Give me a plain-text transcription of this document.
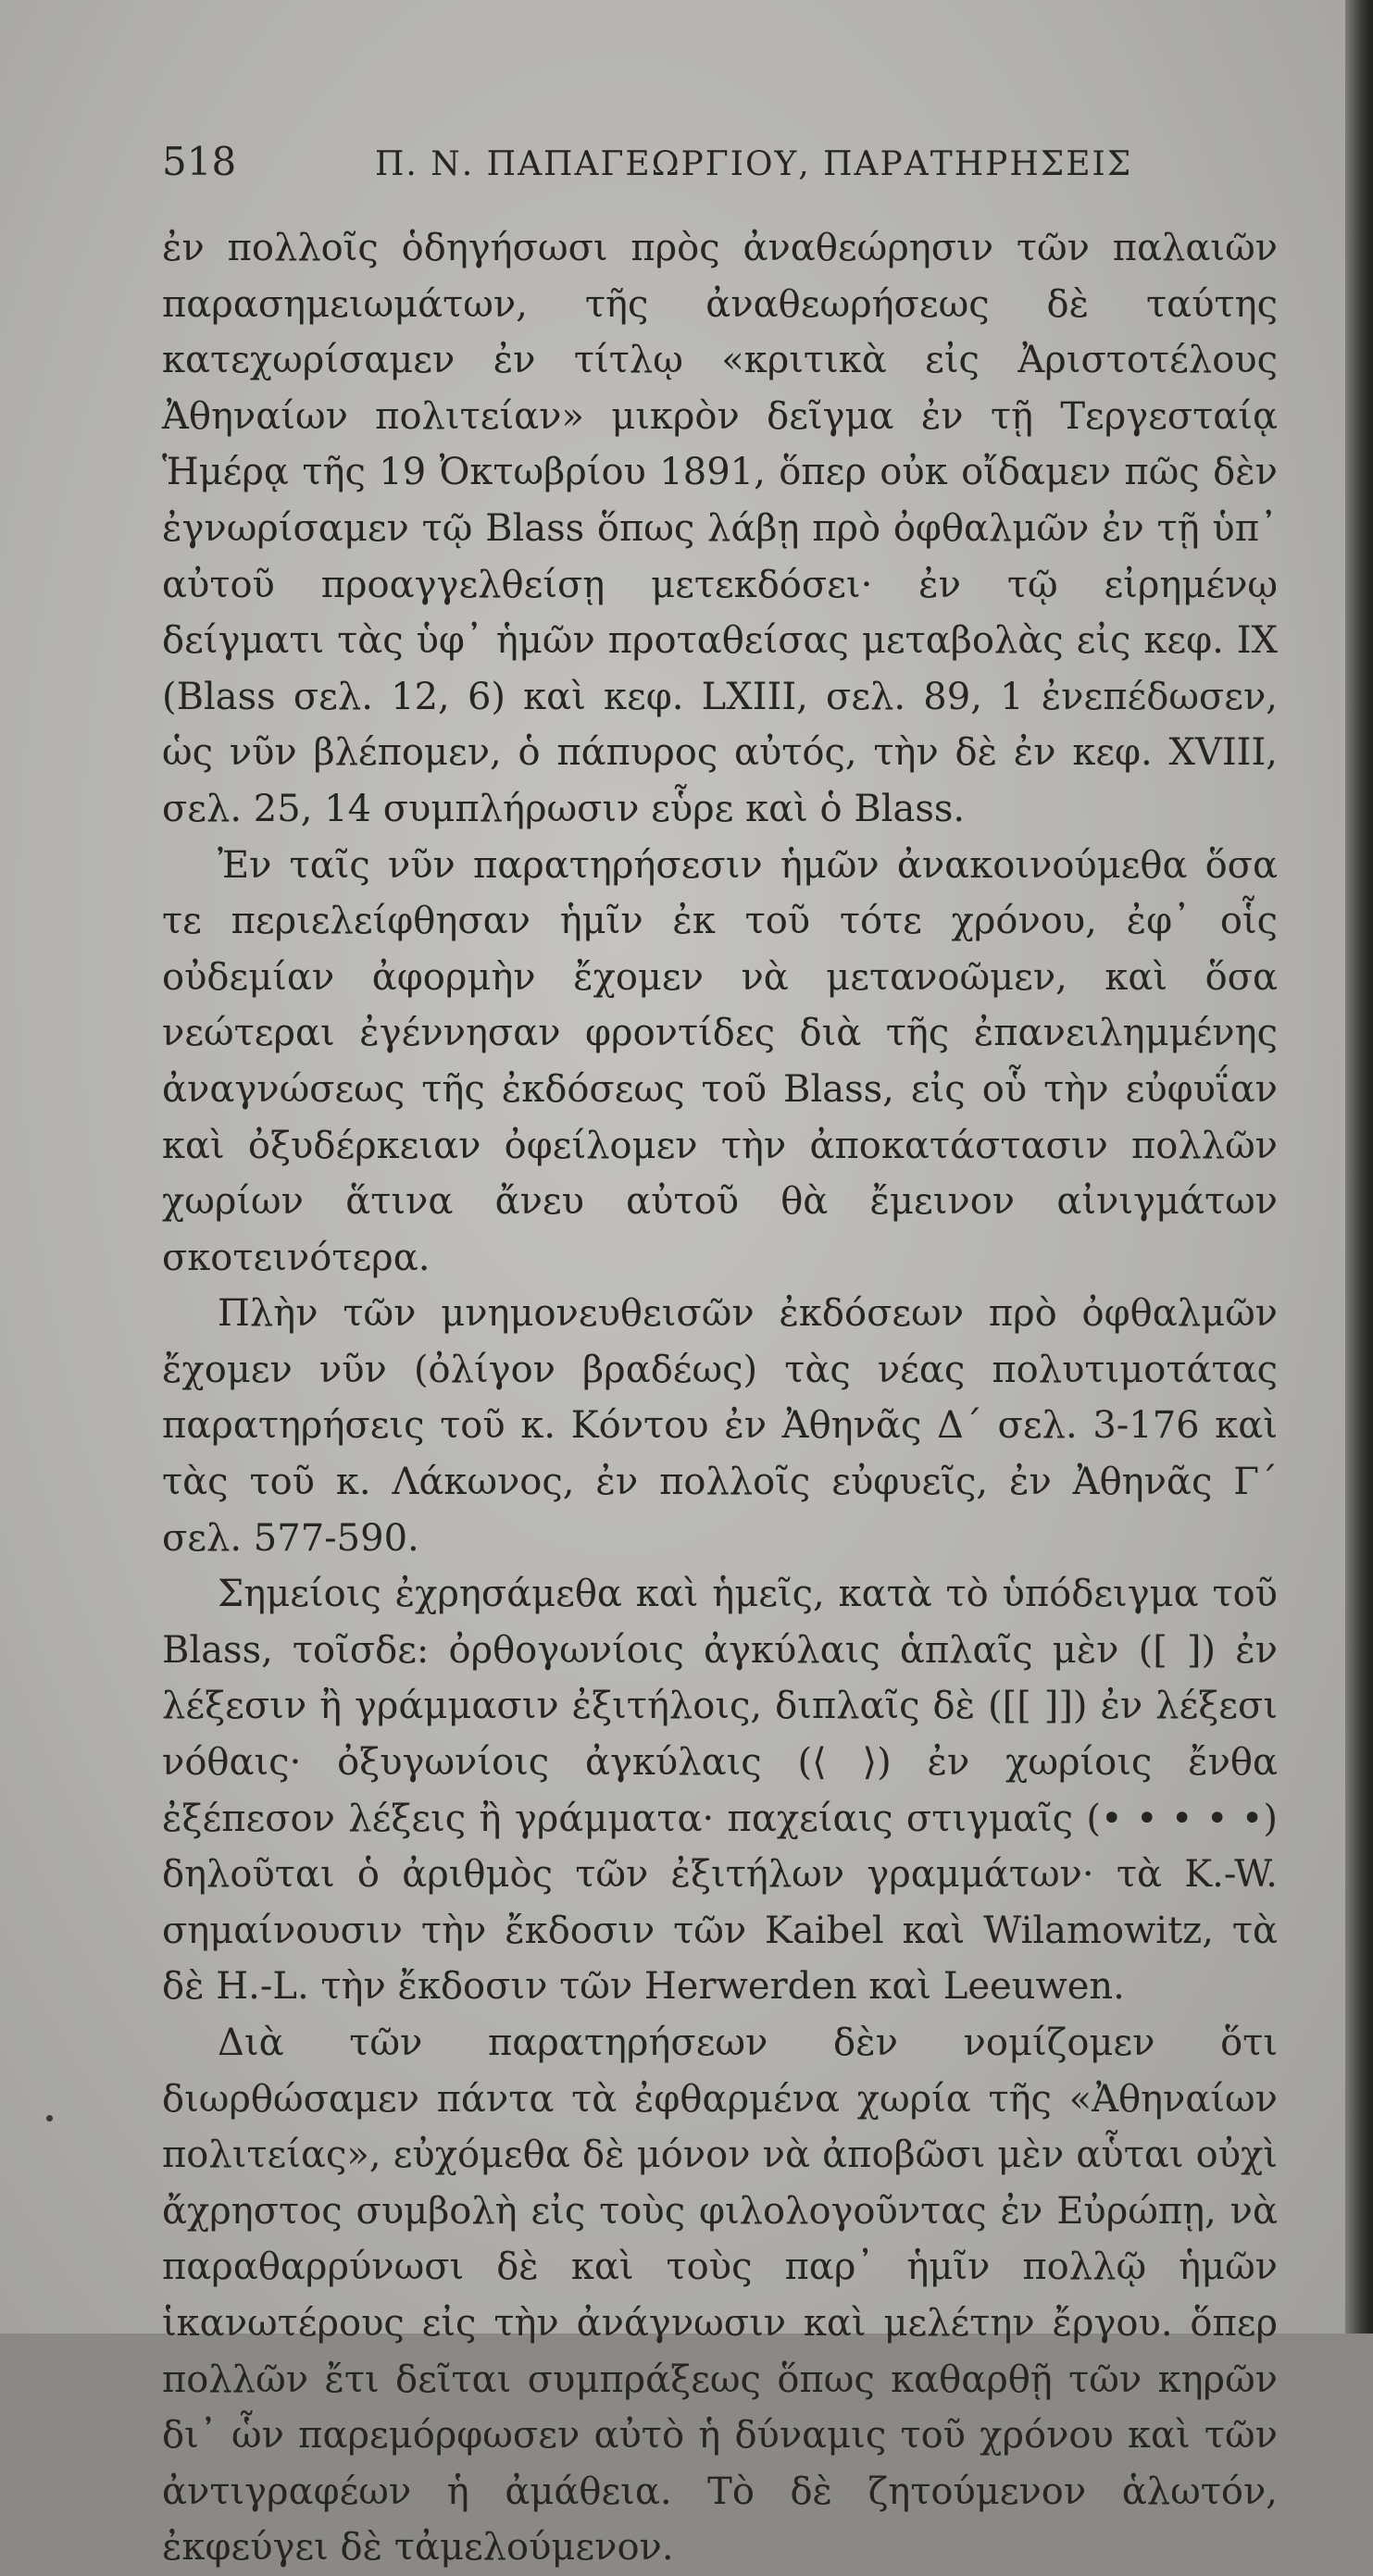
518	Π. Ν. ΠΑΠΑΓΕΩΡΓΙΟΥ, ΠΑΡΑΤΗΡΗΣΕΙΣ

ἐν πολλοῖς ὁδηγήσωσι πρὸς ἀναθεώρησιν τῶν παλαιῶν παρασημειωμάτων, τῆς ἀναθεωρήσεως δὲ ταύτης κατεχωρίσαμεν ἐν τίτλῳ «κριτικὰ εἰς Ἀριστοτέλους Ἀθηναίων πολιτείαν» μικρὸν δεῖγμα ἐν τῇ Τεργεσταίᾳ Ἡμέρᾳ τῆς 19 Ὀκτωβρίου 1891, ὅπερ οὐκ οἴδαμεν πῶς δὲν ἐγνωρίσαμεν τῷ Blass ὅπως λάβῃ πρὸ ὀφθαλμῶν ἐν τῇ ὑπ᾽ αὐτοῦ προαγγελθείσῃ μετεκδόσει· ἐν τῷ εἰρημένῳ δείγματι τὰς ὑφ᾽ ἡμῶν προταθείσας μεταβολὰς εἰς κεφ. IX (Blass σελ. 12, 6) καὶ κεφ. LXIII, σελ. 89, 1 ἐνεπέδωσεν, ὡς νῦν βλέπομεν, ὁ πάπυρος αὐτός, τὴν δὲ ἐν κεφ. XVIII, σελ. 25, 14 συμπλήρωσιν εὗρε καὶ ὁ Blass.

Ἐν ταῖς νῦν παρατηρήσεσιν ἡμῶν ἀνακοινούμεθα ὅσα τε περιελείφθησαν ἡμῖν ἐκ τοῦ τότε χρόνου, ἐφ᾽ οἷς οὐδεμίαν ἀφορμὴν ἔχομεν νὰ μετανοῶμεν, καὶ ὅσα νεώτεραι ἐγέννησαν φροντίδες διὰ τῆς ἐπανειλημμένης ἀναγνώσεως τῆς ἐκδόσεως τοῦ Blass, εἰς οὗ τὴν εὐφυΐαν καὶ ὀξυδέρκειαν ὀφείλομεν τὴν ἀποκατάστασιν πολλῶν χωρίων ἅτινα ἄνευ αὐτοῦ θὰ ἔμεινον αἰνιγμάτων σκοτεινότερα.

Πλὴν τῶν μνημονευθεισῶν ἐκδόσεων πρὸ ὀφθαλμῶν ἔχομεν νῦν (ὀλίγον βραδέως) τὰς νέας πολυτιμοτάτας παρατηρήσεις τοῦ κ. Κόντου ἐν Ἀθηνᾶς Δ΄ σελ. 3-176 καὶ τὰς τοῦ κ. Λάκωνος, ἐν πολλοῖς εὐφυεῖς, ἐν Ἀθηνᾶς Γ΄ σελ. 577-590.

Σημείοις ἐχρησάμεθα καὶ ἡμεῖς, κατὰ τὸ ὑπόδειγμα τοῦ Blass, τοῖσδε: ὀρθογωνίοις ἀγκύλαις ἁπλαῖς μὲν ([ ]) ἐν λέξεσιν ἢ γράμμασιν ἐξιτήλοις, διπλαῖς δὲ ([[ ]]) ἐν λέξεσι νόθαις· ὀξυγωνίοις ἀγκύλαις (⟨ ⟩) ἐν χωρίοις ἔνθα ἐξέπεσον λέξεις ἢ γράμματα· παχείαις στιγμαῖς (• • • • •) δηλοῦται ὁ ἀριθμὸς τῶν ἐξιτήλων γραμμάτων· τὰ K.-W. σημαίνουσιν τὴν ἔκδοσιν τῶν Kaibel καὶ Wilamowitz, τὰ δὲ H.-L. τὴν ἔκδοσιν τῶν Herwerden καὶ Leeuwen.

Διὰ τῶν παρατηρήσεων δὲν νομίζομεν ὅτι διωρθώσαμεν πάντα τὰ ἐφθαρμένα χωρία τῆς «Ἀθηναίων πολιτείας», εὐχόμεθα δὲ μόνον νὰ ἀποβῶσι μὲν αὗται οὐχὶ ἄχρηστος συμβολὴ εἰς τοὺς φιλολογοῦντας ἐν Εὐρώπῃ, νὰ παραθαρρύνωσι δὲ καὶ τοὺς παρ᾽ ἡμῖν πολλῷ ἡμῶν ἱκανωτέρους εἰς τὴν ἀνάγνωσιν καὶ μελέτην ἔργου. ὅπερ πολλῶν ἔτι δεῖται συμπράξεως ὅπως καθαρθῇ τῶν κηρῶν δι᾽ ὧν παρεμόρφωσεν αὐτὸ ἡ δύναμις τοῦ χρόνου καὶ τῶν ἀντιγραφέων ἡ ἀμάθεια. Τὸ δὲ ζητούμενον ἁλωτόν, ἐκφεύγει δὲ τἀμελούμενον.
